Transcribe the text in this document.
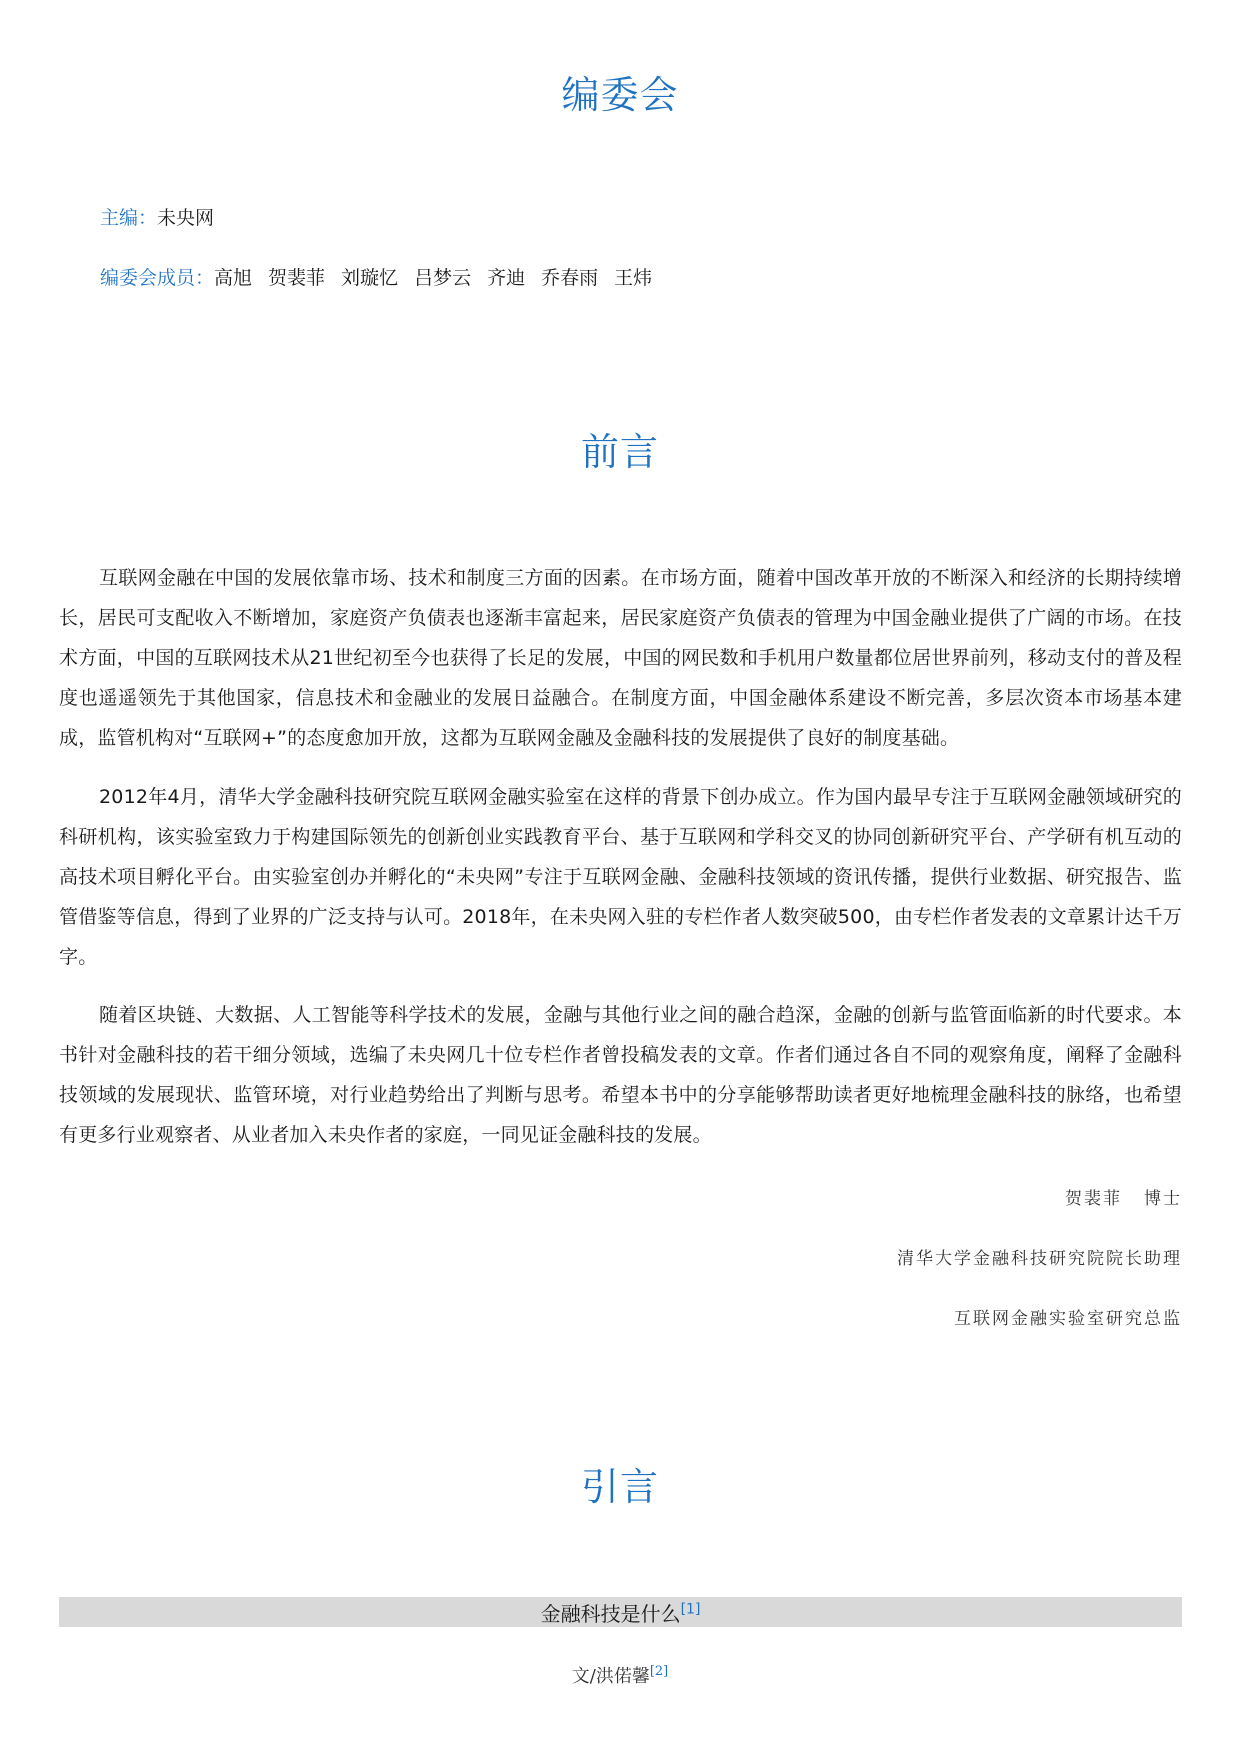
编委会
主编：未央网
编委会成员：高旭 贺裴菲 刘璇忆 吕梦云 齐迪 乔春雨 王炜
前言

互联网金融在中国的发展依靠市场、技术和制度三方面的因素。在市场方面，随着中国改革开放的不断深入和经济的长期持续增长，居民可支配收入不断增加，家庭资产负债表也逐渐丰富起来，居民家庭资产负债表的管理为中国金融业提供了广阔的市场。在技术方面，中国的互联网技术从21世纪初至今也获得了长足的发展，中国的网民数和手机用户数量都位居世界前列，移动支付的普及程度也遥遥领先于其他国家，信息技术和金融业的发展日益融合。在制度方面，中国金融体系建设不断完善，多层次资本市场基本建成，监管机构对“互联网+”的态度愈加开放，这都为互联网金融及金融科技的发展提供了良好的制度基础。

2012年4月，清华大学金融科技研究院互联网金融实验室在这样的背景下创办成立。作为国内最早专注于互联网金融领域研究的科研机构，该实验室致力于构建国际领先的创新创业实践教育平台、基于互联网和学科交叉的协同创新研究平台、产学研有机互动的高技术项目孵化平台。由实验室创办并孵化的“未央网”专注于互联网金融、金融科技领域的资讯传播，提供行业数据、研究报告、监管借鉴等信息，得到了业界的广泛支持与认可。2018年，在未央网入驻的专栏作者人数突破500，由专栏作者发表的文章累计达千万字。

随着区块链、大数据、人工智能等科学技术的发展，金融与其他行业之间的融合趋深，金融的创新与监管面临新的时代要求。本书针对金融科技的若干细分领域，选编了未央网几十位专栏作者曾投稿发表的文章。作者们通过各自不同的观察角度，阐释了金融科技领域的发展现状、监管环境，对行业趋势给出了判断与思考。希望本书中的分享能够帮助读者更好地梳理金融科技的脉络，也希望有更多行业观察者、从业者加入未央作者的家庭，一同见证金融科技的发展。

贺裴菲 博士
清华大学金融科技研究院院长助理
互联网金融实验室研究总监
引言
金融科技是什么[1]
文/洪偌馨[2]
